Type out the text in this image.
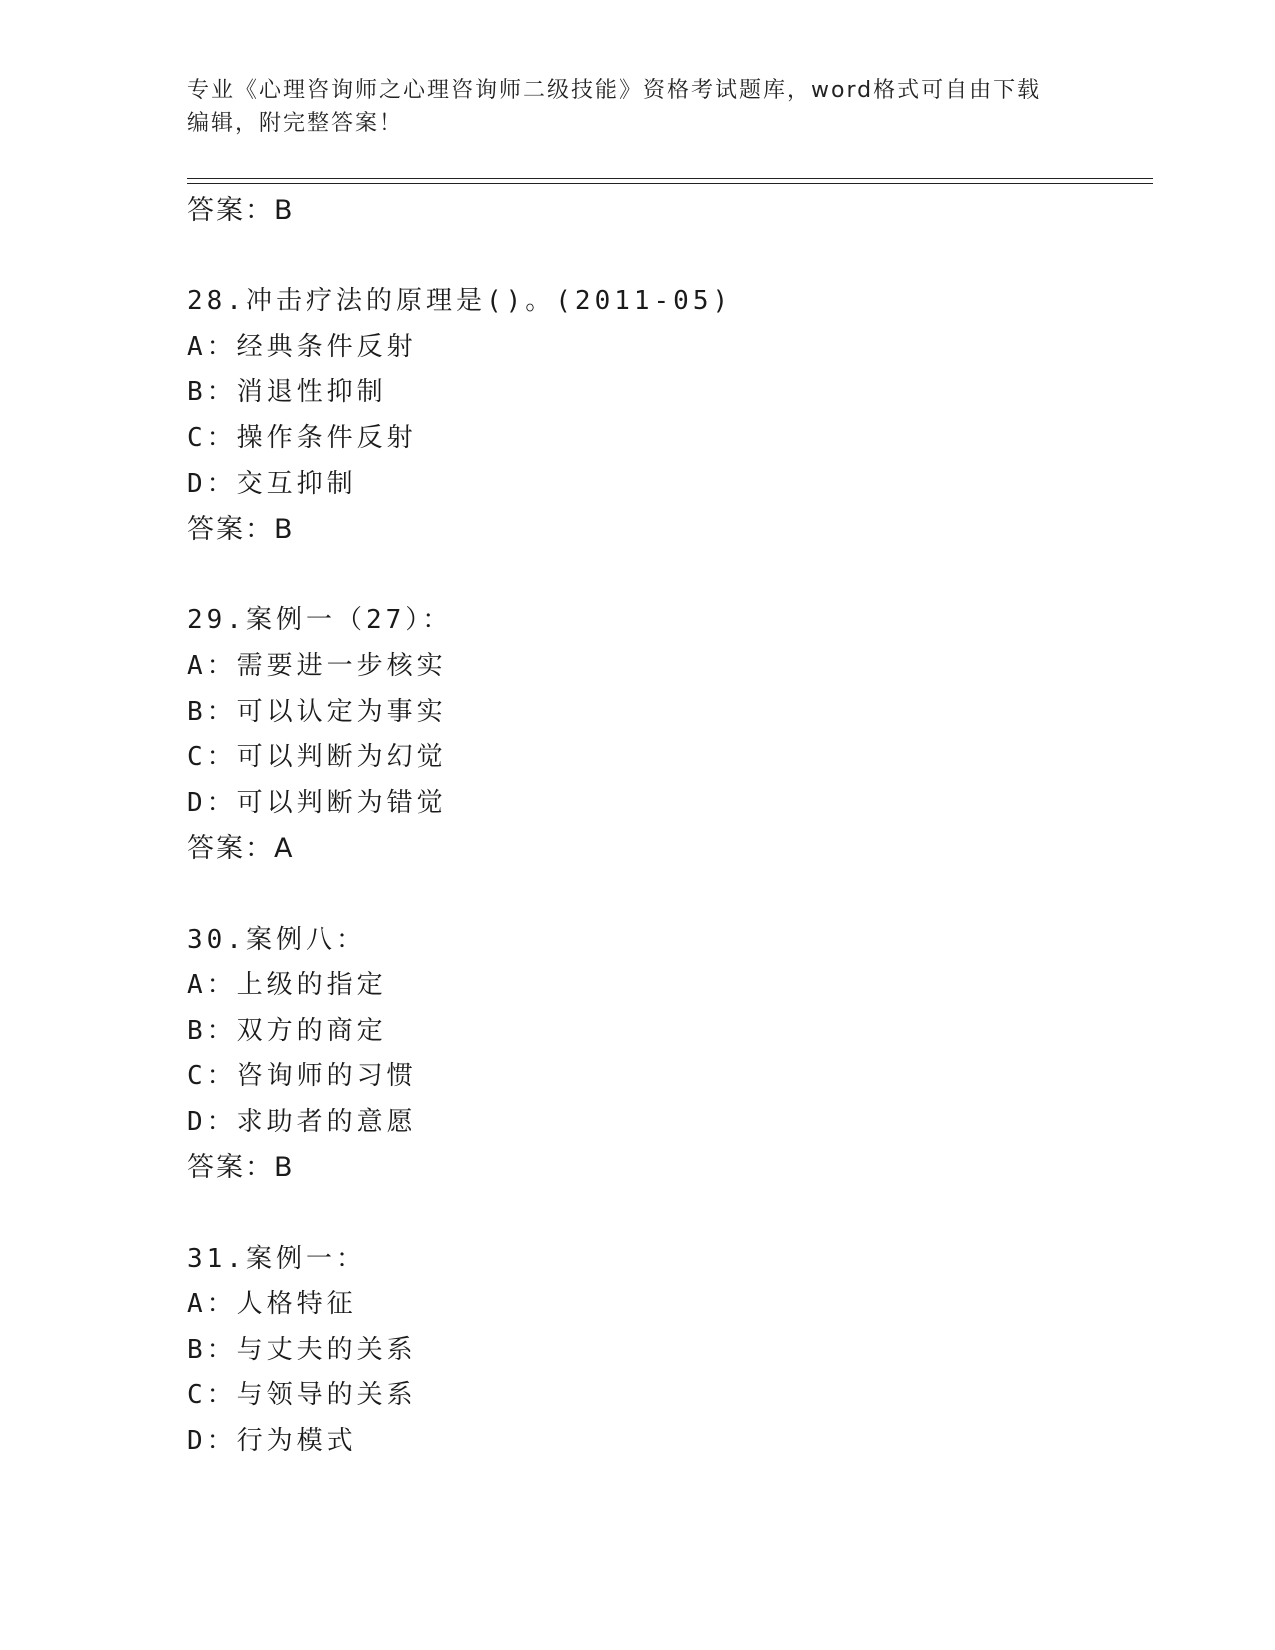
专业《心理咨询师之心理咨询师二级技能》资格考试题库，word格式可自由下载
编辑，附完整答案！
答案：B
28.冲击疗法的原理是()。(2011-05)
A：经典条件反射
B：消退性抑制
C：操作条件反射
D：交互抑制
答案：B
29.案例一（27）：
A：需要进一步核实
B：可以认定为事实
C：可以判断为幻觉
D：可以判断为错觉
答案：A
30.案例八：
A：上级的指定
B：双方的商定
C：咨询师的习惯
D：求助者的意愿
答案：B
31.案例一：
A：人格特征
B：与丈夫的关系
C：与领导的关系
D：行为模式
